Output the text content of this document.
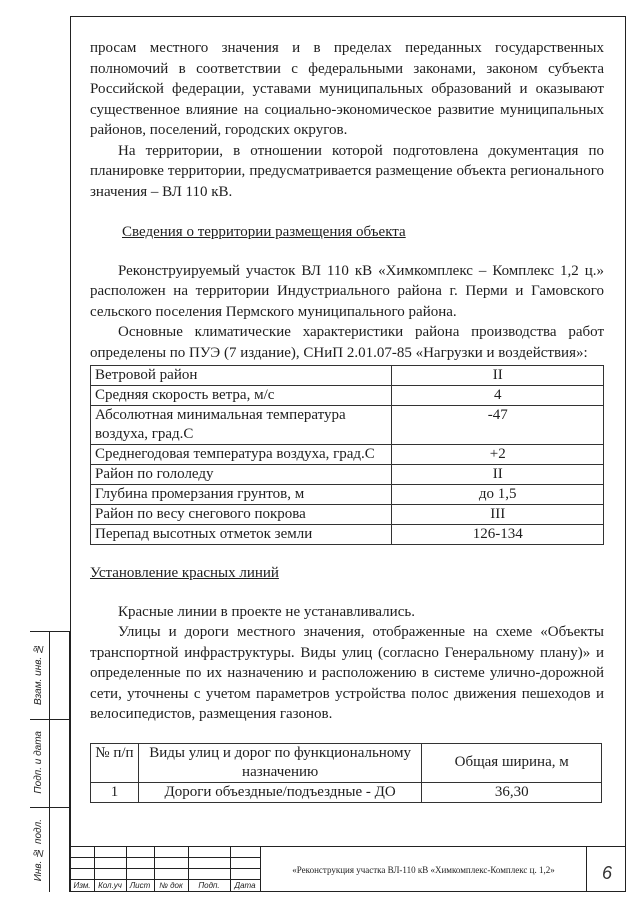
просам местного значения и в пределах переданных государственных полномочий в соответствии с федеральными законами, законом субъекта Российской федерации, уставами муниципальных образований и оказывают существенное влияние на социально-экономическое развитие муниципальных районов, поселений, городских округов.

На территории, в отношении которой подготовлена документация по планировке территории, предусматривается размещение объекта регионального значения – ВЛ 110 кВ.

Сведения о территории размещения объекта

Реконструируемый участок ВЛ 110 кВ «Химкомплекс – Комплекс 1,2 ц.» расположен на территории Индустриального района г. Перми и Гамовского сельского поселения Пермского муниципального района.

Основные климатические характеристики района производства работ определены по ПУЭ (7 издание), СНиП 2.01.07-85 «Нагрузки и воздействия»:

Ветровой район	II
Средняя скорость ветра, м/с	4
Абсолютная минимальная температура воздуха, град.С	-47
Среднегодовая температура воздуха, град.С	+2
Район по гололеду	II
Глубина промерзания грунтов, м	до 1,5
Район по весу снегового покрова	III
Перепад высотных отметок земли	126-134

Установление красных линий

Красные линии в проекте не устанавливались.

Улицы и дороги местного значения, отображенные на схеме «Объекты транспортной инфраструктуры. Виды улиц (согласно Генеральному плану)» и определенные по их назначению и расположению в системе улично-дорожной сети, уточнены с учетом параметров устройства полос движения пешеходов и велосипедистов, размещения газонов.

№ п/п	Виды улиц и дорог по функциональному назначению	Общая ширина, м
1	Дороги объездные/подъездные - ДО	36,30
Взам. инв. №
Подп. и дата
Инв. № подл.
Изм. Кол.уч Лист	№ док	Подп.	Дата
«Реконструкция участка ВЛ-110 кВ «Химкомплекс-Комплекс ц. 1,2»	6
